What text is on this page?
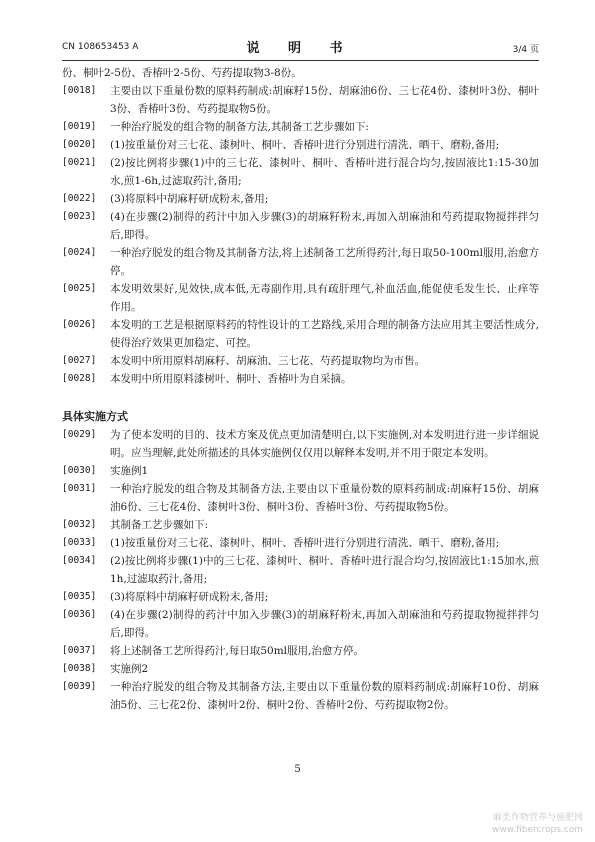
CN 108653453 A	说 明 书	3/4 页

份、桐叶2-5份、香椿叶2-5份、芍药提取物3-8份。

[0018] 主要由以下重量份数的原料药制成:胡麻籽15份、胡麻油6份、三七花4份、漆树叶3份、桐叶3份、香椿叶3份、芍药提取物5份。

[0019] 一种治疗脱发的组合物的制备方法,其制备工艺步骤如下:

[0020] (1)按重量份对三七花、漆树叶、桐叶、香椿叶进行分别进行清洗、晒干、磨粉,备用;

[0021] (2)按比例将步骤(1)中的三七花、漆树叶、桐叶、香椿叶进行混合均匀,按固液比1:15-30加水,煎1-6h,过滤取药汁,备用;

[0022] (3)将原料中胡麻籽研成粉末,备用;

[0023] (4)在步骤(2)制得的药汁中加入步骤(3)的胡麻籽粉末,再加入胡麻油和芍药提取物搅拌拌匀后,即得。

[0024] 一种治疗脱发的组合物及其制备方法,将上述制备工艺所得药汁,每日取50-100ml服用,治愈方停。

[0025] 本发明效果好,见效快,成本低,无毒副作用,具有疏肝理气,补血活血,能促使毛发生长、止痒等作用。

[0026] 本发明的工艺是根据原料药的特性设计的工艺路线,采用合理的制备方法应用其主要活性成分,使得治疗效果更加稳定、可控。

[0027] 本发明中所用原料胡麻籽、胡麻油、三七花、芍药提取物均为市售。

[0028] 本发明中所用原料漆树叶、桐叶、香椿叶为自采摘。

具体实施方式

[0029] 为了使本发明的目的、技术方案及优点更加清楚明白,以下实施例,对本发明进行进一步详细说明。应当理解,此处所描述的具体实施例仅仅用以解释本发明,并不用于限定本发明。

[0030] 实施例1

[0031] 一种治疗脱发的组合物及其制备方法,主要由以下重量份数的原料药制成:胡麻籽15份、胡麻油6份、三七花4份、漆树叶3份、桐叶3份、香椿叶3份、芍药提取物5份。

[0032] 其制备工艺步骤如下:

[0033] (1)按重量份对三七花、漆树叶、桐叶、香椿叶进行分别进行清洗、晒干、磨粉,备用;

[0034] (2)按比例将步骤(1)中的三七花、漆树叶、桐叶、香椿叶进行混合均匀,按固液比1:15加水,煎1h,过滤取药汁,备用;

[0035] (3)将原料中胡麻籽研成粉末,备用;

[0036] (4)在步骤(2)制得的药汁中加入步骤(3)的胡麻籽粉末,再加入胡麻油和芍药提取物搅拌拌匀后,即得。

[0037] 将上述制备工艺所得药汁,每日取50ml服用,治愈方停。

[0038] 实施例2

[0039] 一种治疗脱发的组合物及其制备方法,主要由以下重量份数的原料药制成:胡麻籽10份、胡麻油5份、三七花2份、漆树叶2份、桐叶2份、香椿叶2份、芍药提取物2份。

5
麻类作物营养与施肥网
www.fibercrops.com
